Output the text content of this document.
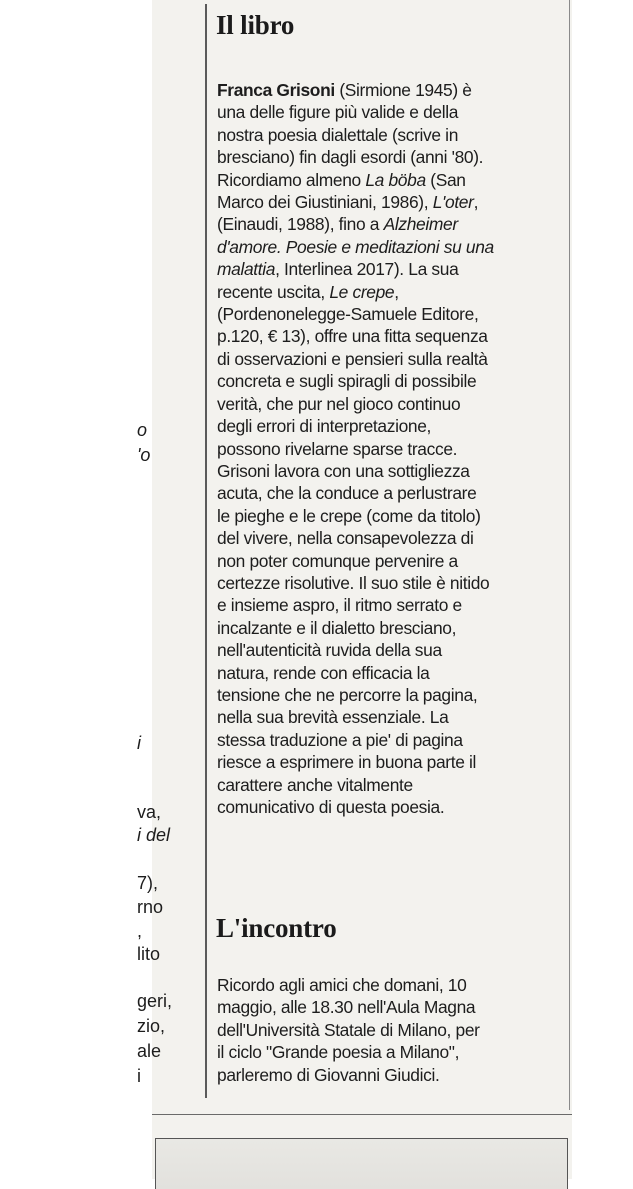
o
'o
i
va,
i del
7),
rno
,
lito
geri,
zio,
ale
i
Il libro
Franca Grisoni (Sirmione 1945) è
una delle figure più valide e della
nostra poesia dialettale (scrive in
bresciano) fin dagli esordi (anni '80).
Ricordiamo almeno La böba (San
Marco dei Giustiniani, 1986), L'oter,
(Einaudi, 1988), fino a Alzheimer
d'amore. Poesie e meditazioni su una
malattia, Interlinea 2017). La sua
recente uscita, Le crepe,
(Pordenonelegge-Samuele Editore,
p.120, € 13), offre una fitta sequenza
di osservazioni e pensieri sulla realtà
concreta e sugli spiragli di possibile
verità, che pur nel gioco continuo
degli errori di interpretazione,
possono rivelarne sparse tracce.
Grisoni lavora con una sottigliezza
acuta, che la conduce a perlustrare
le pieghe e le crepe (come da titolo)
del vivere, nella consapevolezza di
non poter comunque pervenire a
certezze risolutive. Il suo stile è nitido
e insieme aspro, il ritmo serrato e
incalzante e il dialetto bresciano,
nell'autenticità ruvida della sua
natura, rende con efficacia la
tensione che ne percorre la pagina,
nella sua brevità essenziale. La
stessa traduzione a pie' di pagina
riesce a esprimere in buona parte il
carattere anche vitalmente
comunicativo di questa poesia.
L'incontro
Ricordo agli amici che domani, 10
maggio, alle 18.30 nell'Aula Magna
dell'Università Statale di Milano, per
il ciclo "Grande poesia a Milano",
parleremo di Giovanni Giudici.
